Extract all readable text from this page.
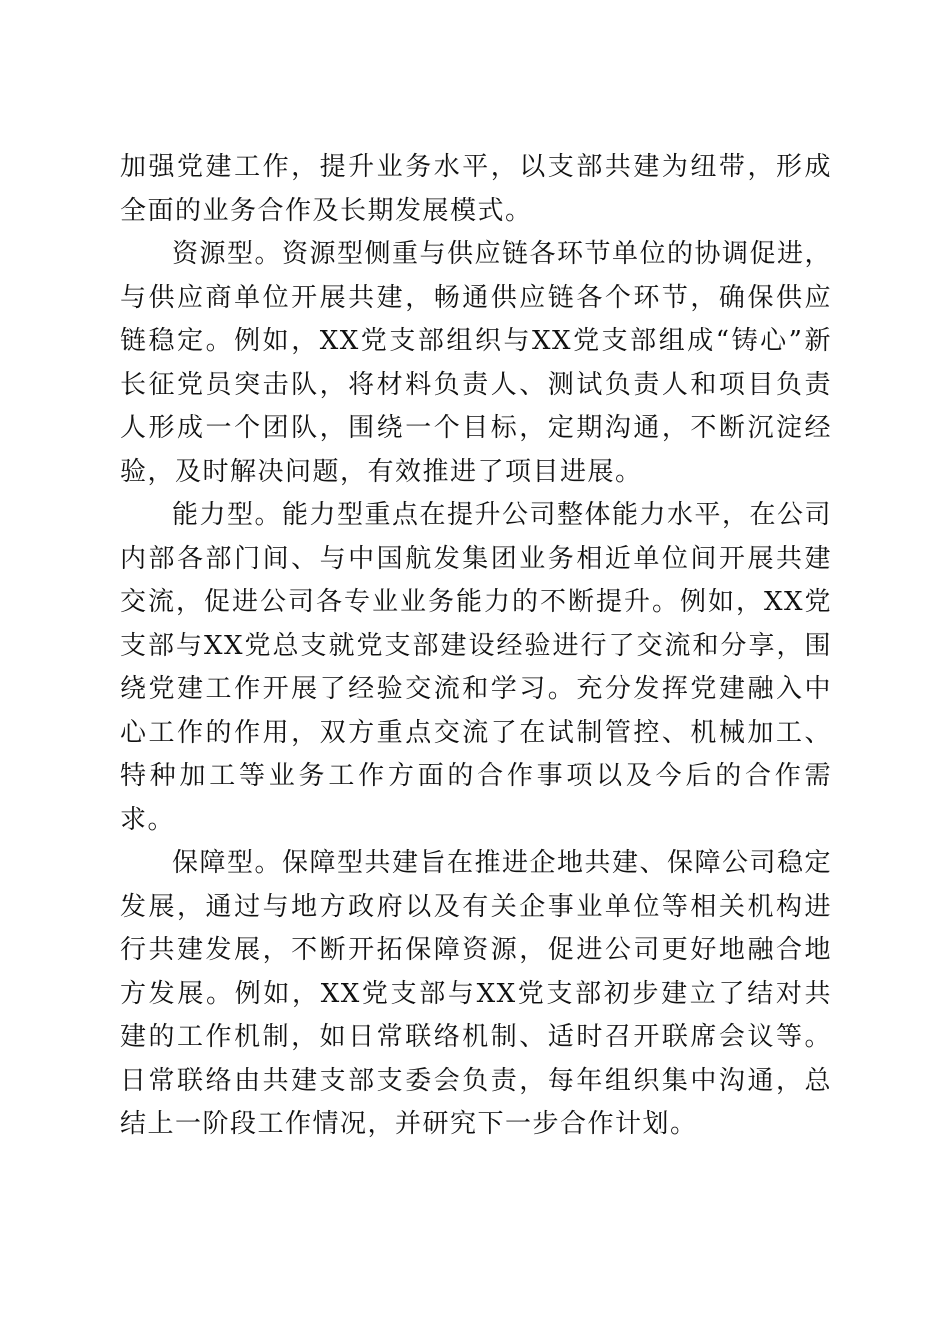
加强党建工作，提升业务水平，以支部共建为纽带，形成全面的业务合作及长期发展模式。

资源型。资源型侧重与供应链各环节单位的协调促进，与供应商单位开展共建，畅通供应链各个环节，确保供应链稳定。例如，XX党支部组织与XX党支部组成“铸心”新长征党员突击队，将材料负责人、测试负责人和项目负责人形成一个团队，围绕一个目标，定期沟通，不断沉淀经验，及时解决问题，有效推进了项目进展。

能力型。能力型重点在提升公司整体能力水平，在公司内部各部门间、与中国航发集团业务相近单位间开展共建交流，促进公司各专业业务能力的不断提升。例如，XX党支部与XX党总支就党支部建设经验进行了交流和分享，围绕党建工作开展了经验交流和学习。充分发挥党建融入中心工作的作用，双方重点交流了在试制管控、机械加工、特种加工等业务工作方面的合作事项以及今后的合作需求。

保障型。保障型共建旨在推进企地共建、保障公司稳定发展，通过与地方政府以及有关企事业单位等相关机构进行共建发展，不断开拓保障资源，促进公司更好地融合地方发展。例如，XX党支部与XX党支部初步建立了结对共建的工作机制，如日常联络机制、适时召开联席会议等。日常联络由共建支部支委会负责，每年组织集中沟通，总结上一阶段工作情况，并研究下一步合作计划。
